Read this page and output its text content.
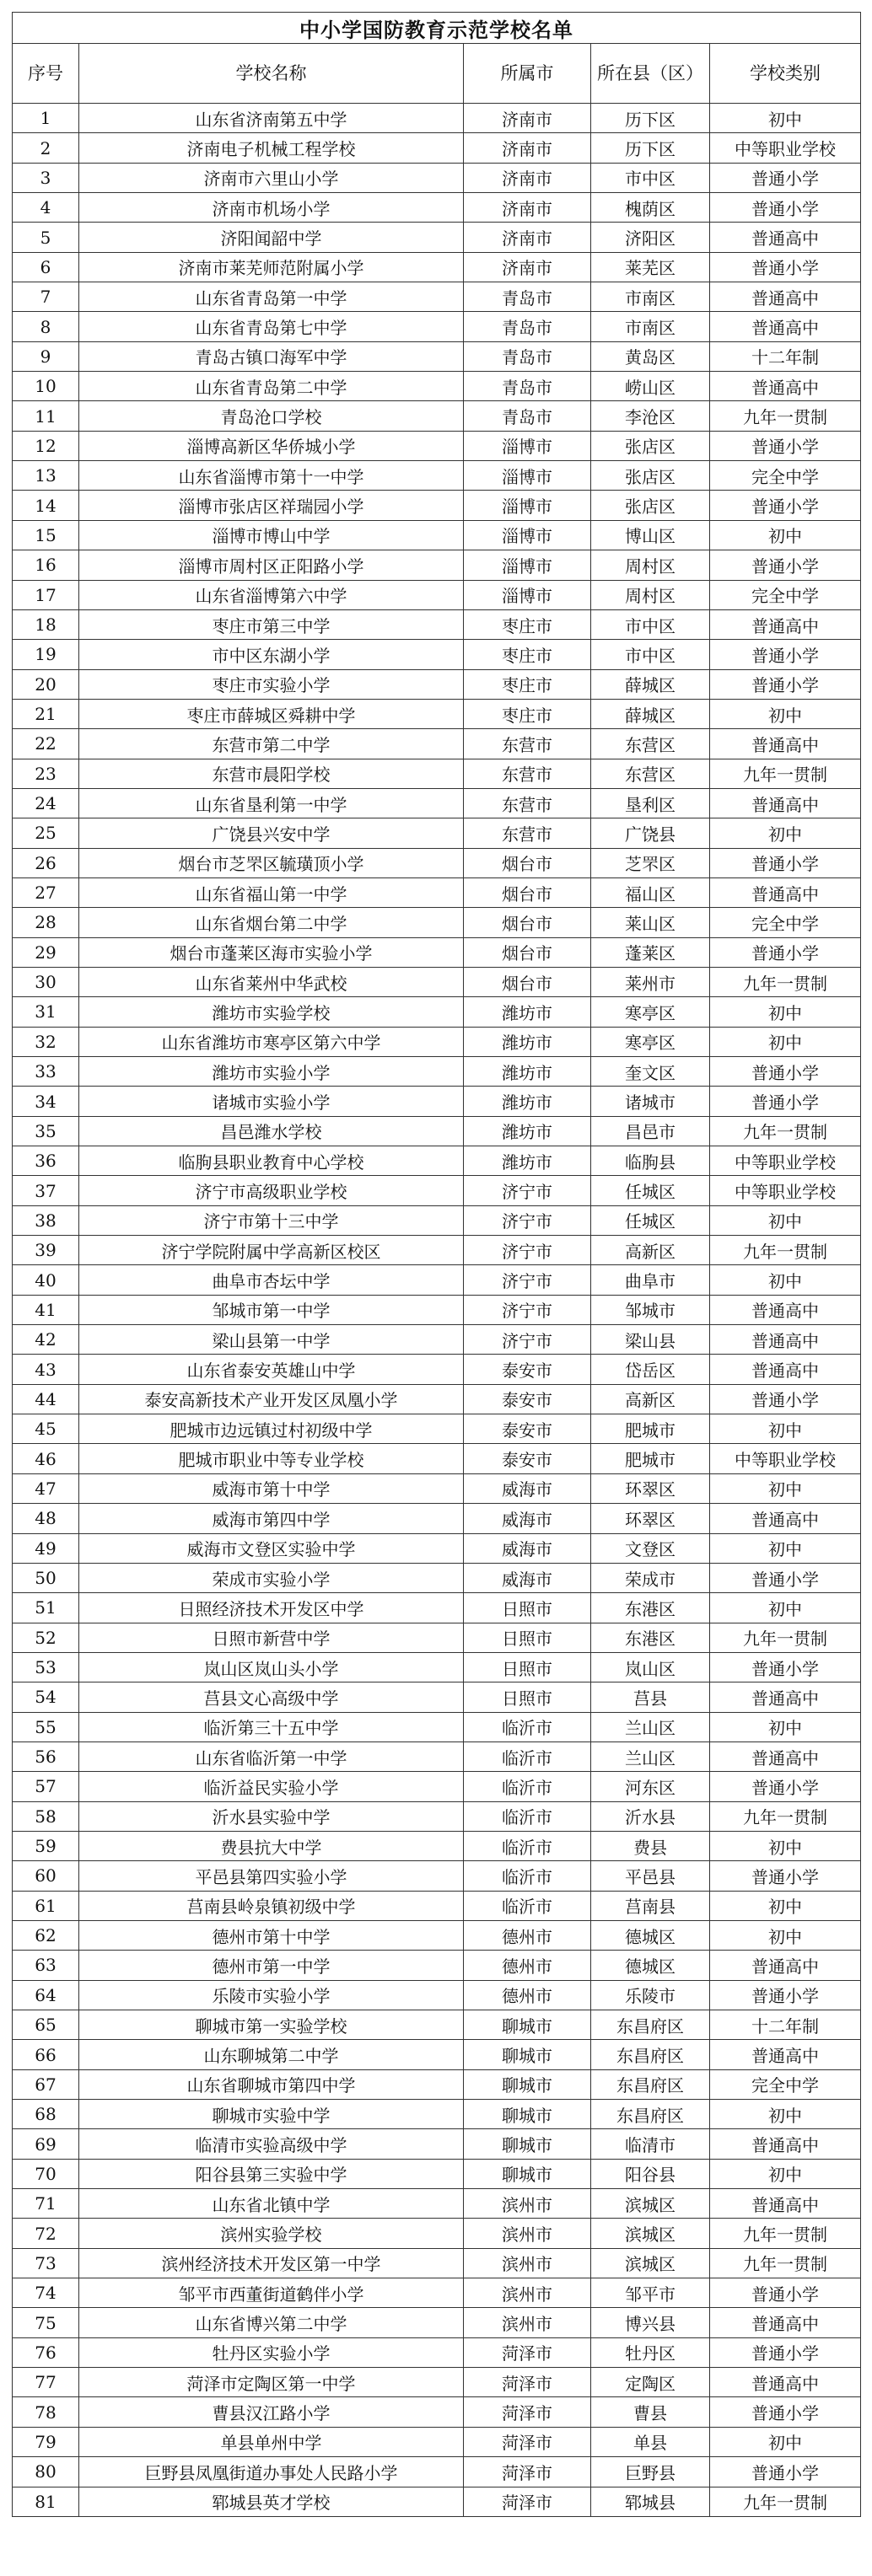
中小学国防教育示范学校名单				
序号	学校名称	所属市	所在县（区）	学校类别
1	山东省济南第五中学	济南市	历下区	初中
2	济南电子机械工程学校	济南市	历下区	中等职业学校
3	济南市六里山小学	济南市	市中区	普通小学
4	济南市机场小学	济南市	槐荫区	普通小学
5	济阳闻韶中学	济南市	济阳区	普通高中
6	济南市莱芜师范附属小学	济南市	莱芜区	普通小学
7	山东省青岛第一中学	青岛市	市南区	普通高中
8	山东省青岛第七中学	青岛市	市南区	普通高中
9	青岛古镇口海军中学	青岛市	黄岛区	十二年制
10	山东省青岛第二中学	青岛市	崂山区	普通高中
11	青岛沧口学校	青岛市	李沧区	九年一贯制
12	淄博高新区华侨城小学	淄博市	张店区	普通小学
13	山东省淄博市第十一中学	淄博市	张店区	完全中学
14	淄博市张店区祥瑞园小学	淄博市	张店区	普通小学
15	淄博市博山中学	淄博市	博山区	初中
16	淄博市周村区正阳路小学	淄博市	周村区	普通小学
17	山东省淄博第六中学	淄博市	周村区	完全中学
18	枣庄市第三中学	枣庄市	市中区	普通高中
19	市中区东湖小学	枣庄市	市中区	普通小学
20	枣庄市实验小学	枣庄市	薛城区	普通小学
21	枣庄市薛城区舜耕中学	枣庄市	薛城区	初中
22	东营市第二中学	东营市	东营区	普通高中
23	东营市晨阳学校	东营市	东营区	九年一贯制
24	山东省垦利第一中学	东营市	垦利区	普通高中
25	广饶县兴安中学	东营市	广饶县	初中
26	烟台市芝罘区毓璜顶小学	烟台市	芝罘区	普通小学
27	山东省福山第一中学	烟台市	福山区	普通高中
28	山东省烟台第二中学	烟台市	莱山区	完全中学
29	烟台市蓬莱区海市实验小学	烟台市	蓬莱区	普通小学
30	山东省莱州中华武校	烟台市	莱州市	九年一贯制
31	潍坊市实验学校	潍坊市	寒亭区	初中
32	山东省潍坊市寒亭区第六中学	潍坊市	寒亭区	初中
33	潍坊市实验小学	潍坊市	奎文区	普通小学
34	诸城市实验小学	潍坊市	诸城市	普通小学
35	昌邑潍水学校	潍坊市	昌邑市	九年一贯制
36	临朐县职业教育中心学校	潍坊市	临朐县	中等职业学校
37	济宁市高级职业学校	济宁市	任城区	中等职业学校
38	济宁市第十三中学	济宁市	任城区	初中
39	济宁学院附属中学高新区校区	济宁市	高新区	九年一贯制
40	曲阜市杏坛中学	济宁市	曲阜市	初中
41	邹城市第一中学	济宁市	邹城市	普通高中
42	梁山县第一中学	济宁市	梁山县	普通高中
43	山东省泰安英雄山中学	泰安市	岱岳区	普通高中
44	泰安高新技术产业开发区凤凰小学	泰安市	高新区	普通小学
45	肥城市边远镇过村初级中学	泰安市	肥城市	初中
46	肥城市职业中等专业学校	泰安市	肥城市	中等职业学校
47	威海市第十中学	威海市	环翠区	初中
48	威海市第四中学	威海市	环翠区	普通高中
49	威海市文登区实验中学	威海市	文登区	初中
50	荣成市实验小学	威海市	荣成市	普通小学
51	日照经济技术开发区中学	日照市	东港区	初中
52	日照市新营中学	日照市	东港区	九年一贯制
53	岚山区岚山头小学	日照市	岚山区	普通小学
54	莒县文心高级中学	日照市	莒县	普通高中
55	临沂第三十五中学	临沂市	兰山区	初中
56	山东省临沂第一中学	临沂市	兰山区	普通高中
57	临沂益民实验小学	临沂市	河东区	普通小学
58	沂水县实验中学	临沂市	沂水县	九年一贯制
59	费县抗大中学	临沂市	费县	初中
60	平邑县第四实验小学	临沂市	平邑县	普通小学
61	莒南县岭泉镇初级中学	临沂市	莒南县	初中
62	德州市第十中学	德州市	德城区	初中
63	德州市第一中学	德州市	德城区	普通高中
64	乐陵市实验小学	德州市	乐陵市	普通小学
65	聊城市第一实验学校	聊城市	东昌府区	十二年制
66	山东聊城第二中学	聊城市	东昌府区	普通高中
67	山东省聊城市第四中学	聊城市	东昌府区	完全中学
68	聊城市实验中学	聊城市	东昌府区	初中
69	临清市实验高级中学	聊城市	临清市	普通高中
70	阳谷县第三实验中学	聊城市	阳谷县	初中
71	山东省北镇中学	滨州市	滨城区	普通高中
72	滨州实验学校	滨州市	滨城区	九年一贯制
73	滨州经济技术开发区第一中学	滨州市	滨城区	九年一贯制
74	邹平市西董街道鹤伴小学	滨州市	邹平市	普通小学
75	山东省博兴第二中学	滨州市	博兴县	普通高中
76	牡丹区实验小学	菏泽市	牡丹区	普通小学
77	菏泽市定陶区第一中学	菏泽市	定陶区	普通高中
78	曹县汉江路小学	菏泽市	曹县	普通小学
79	单县单州中学	菏泽市	单县	初中
80	巨野县凤凰街道办事处人民路小学	菏泽市	巨野县	普通小学
81	郓城县英才学校	菏泽市	郓城县	九年一贯制
